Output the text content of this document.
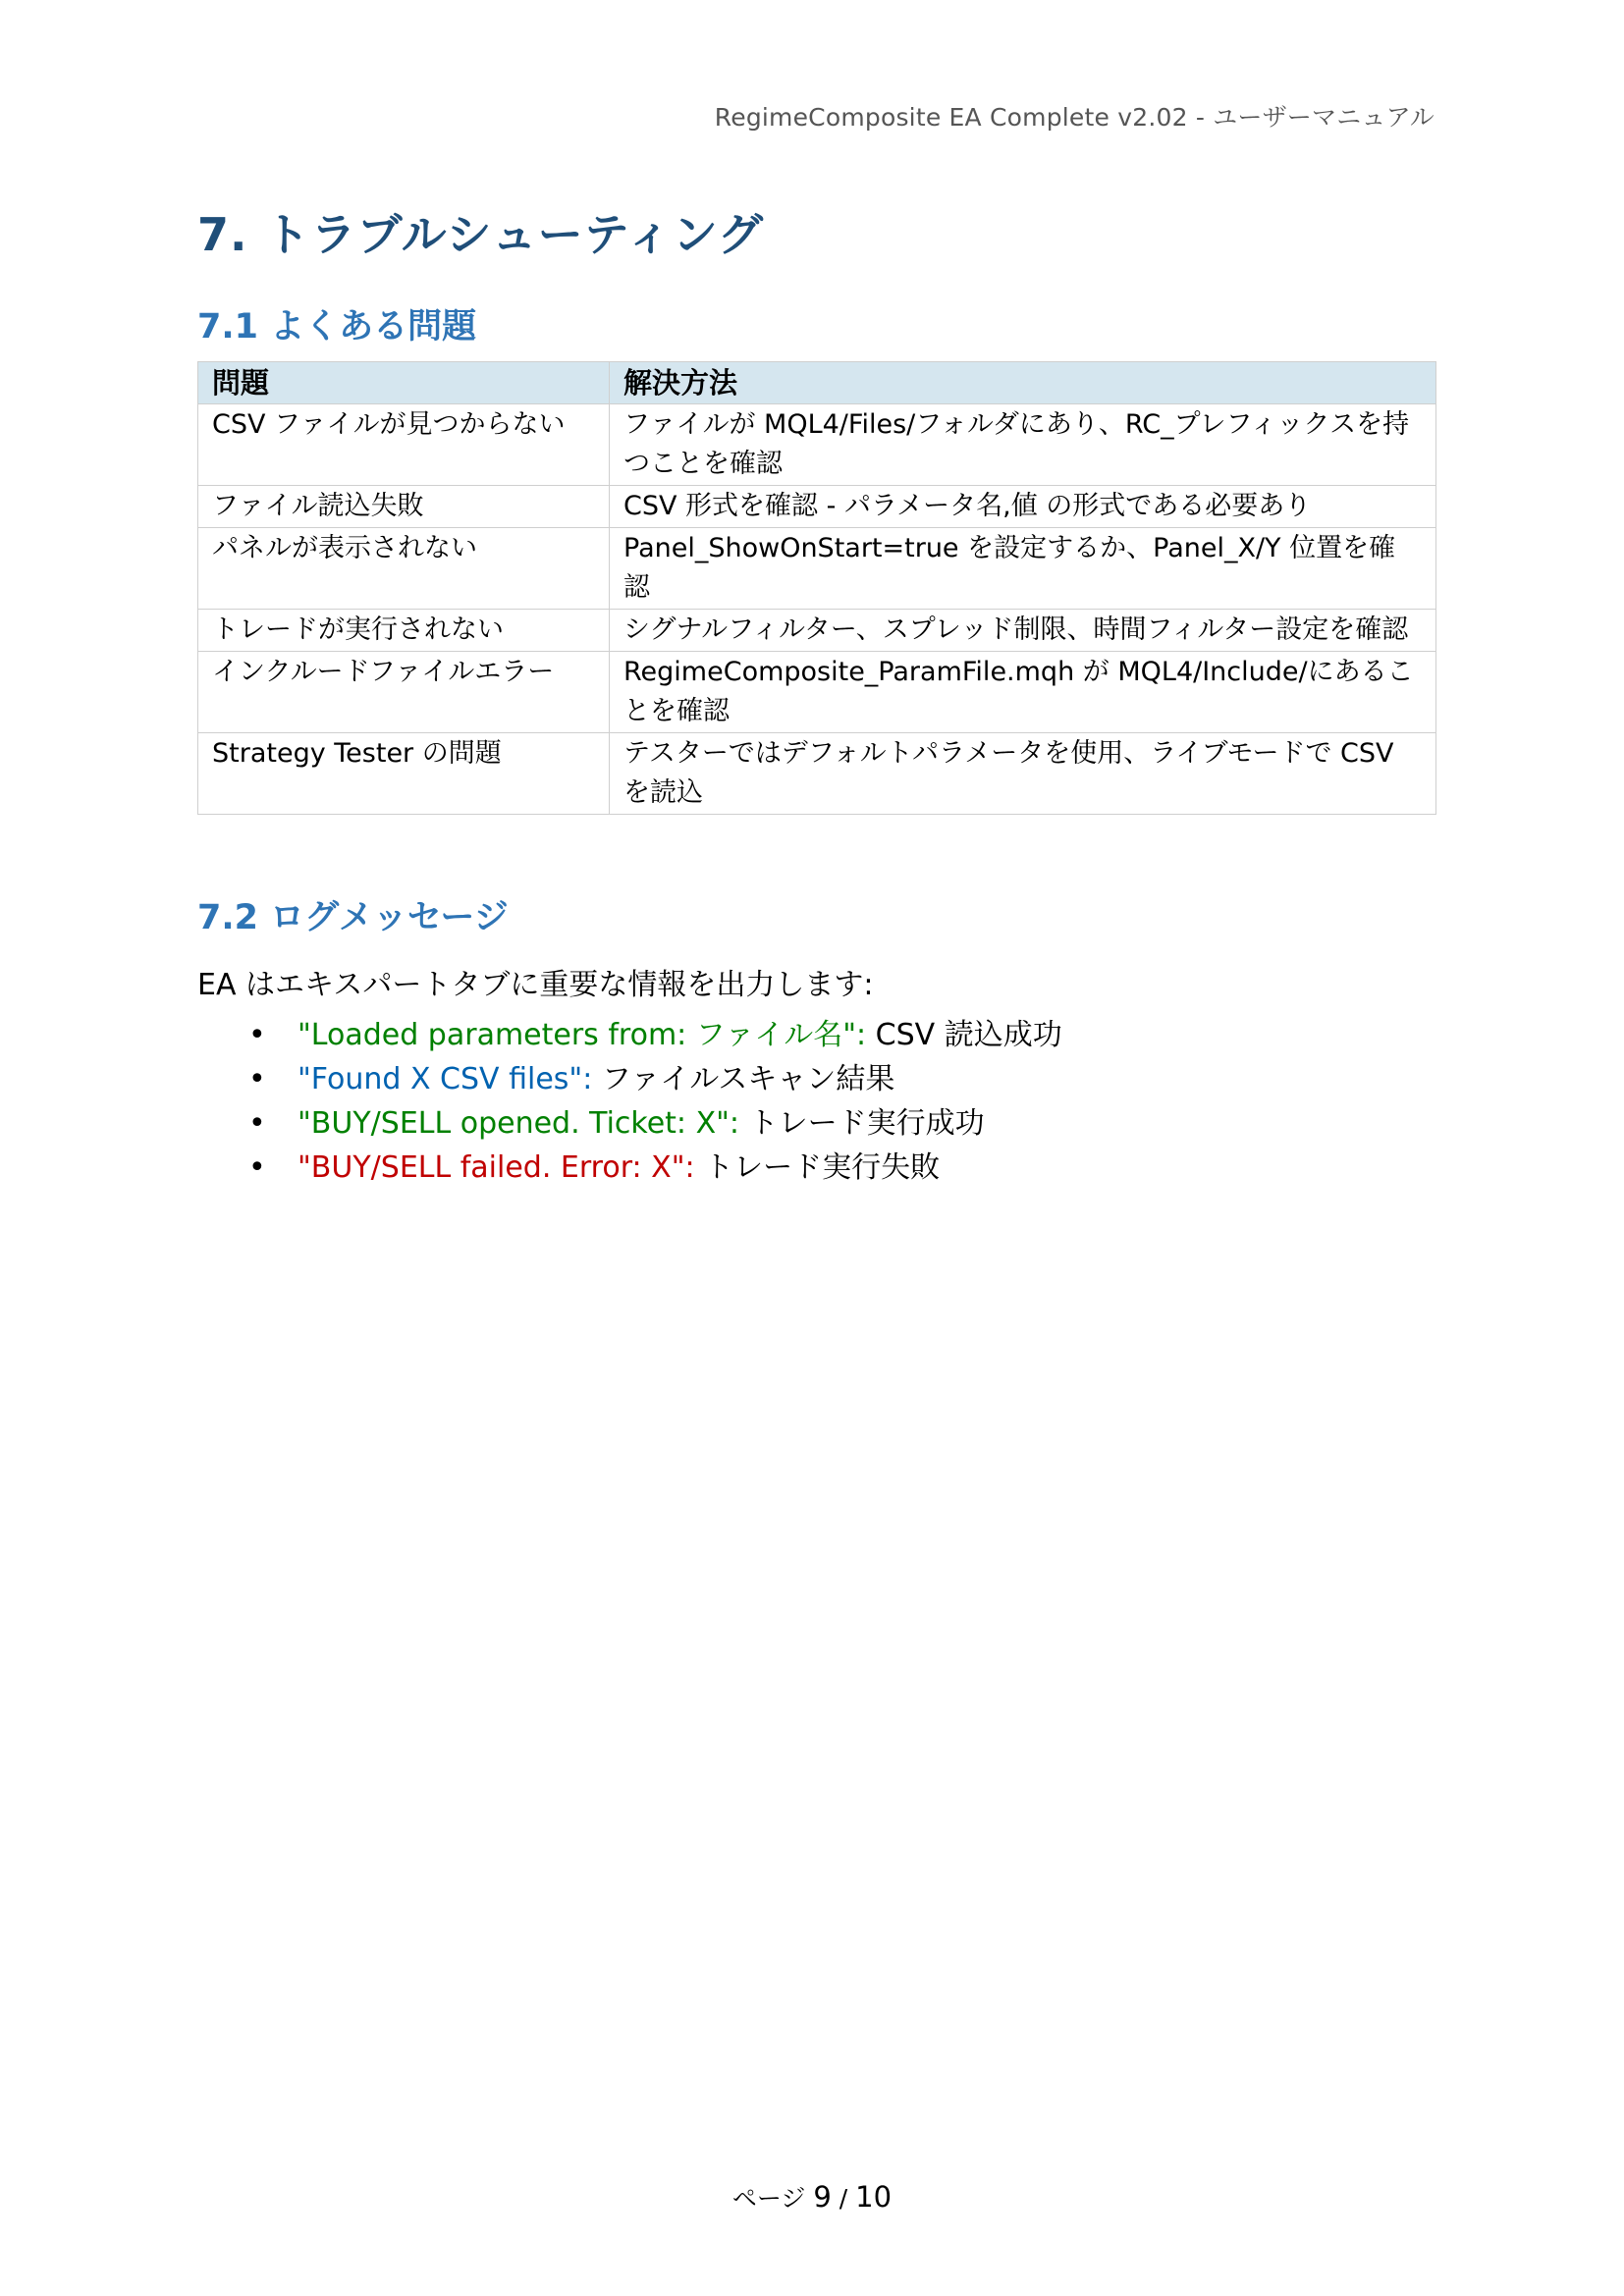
RegimeComposite EA Complete v2.02 - ユーザーマニュアル
7. トラブルシューティング
7.1 よくある問題
問題	解決方法
CSV ファイルが見つからない	ファイルが MQL4/Files/フォルダにあり、RC_プレフィックスを持つことを確認
ファイル読込失敗	CSV 形式を確認 - パラメータ名,値 の形式である必要あり
パネルが表示されない	Panel_ShowOnStart=true を設定するか、Panel_X/Y 位置を確認
トレードが実行されない	シグナルフィルター、スプレッド制限、時間フィルター設定を確認
インクルードファイルエラー	RegimeComposite_ParamFile.mqh が MQL4/Include/にあることを確認
Strategy Tester の問題	テスターではデフォルトパラメータを使用、ライブモードで CSV を読込
7.2 ログメッセージ

EA はエキスパートタブに重要な情報を出力します:

• "Loaded parameters from: ファイル名": CSV 読込成功
• "Found X CSV files": ファイルスキャン結果
• "BUY/SELL opened. Ticket: X": トレード実行成功
• "BUY/SELL failed. Error: X": トレード実行失敗
ページ 9 / 10
